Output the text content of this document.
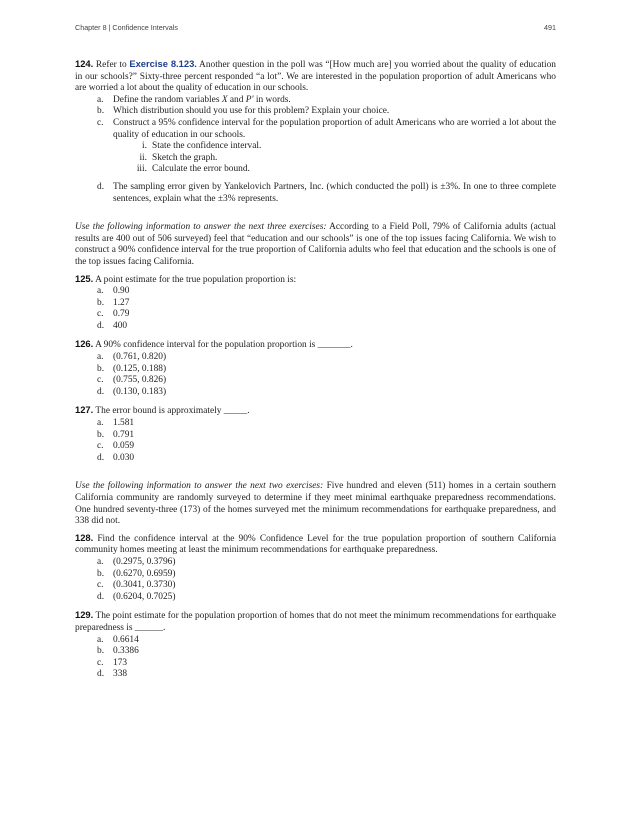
Chapter 8 | Confidence Intervals	491

124. Refer to Exercise 8.123. Another question in the poll was “[How much are] you worried about the quality of education in our schools?” Sixty-three percent responded “a lot”. We are interested in the population proportion of adult Americans who are worried a lot about the quality of education in our schools.

a. Define the random variables X and P' in words.
b. Which distribution should you use for this problem? Explain your choice.
c. Construct a 95% confidence interval for the population proportion of adult Americans who are worried a lot about the quality of education in our schools.
i. State the confidence interval.
ii. Sketch the graph.
iii. Calculate the error bound.
d. The sampling error given by Yankelovich Partners, Inc. (which conducted the poll) is ±3%. In one to three complete sentences, explain what the ±3% represents.

Use the following information to answer the next three exercises: According to a Field Poll, 79% of California adults (actual results are 400 out of 506 surveyed) feel that “education and our schools” is one of the top issues facing California. We wish to construct a 90% confidence interval for the true proportion of California adults who feel that education and the schools is one of the top issues facing California.

125. A point estimate for the true population proportion is:

a. 0.90
b. 1.27
c. 0.79
d. 400

126. A 90% confidence interval for the population proportion is _______.

a. (0.761, 0.820)
b. (0.125, 0.188)
c. (0.755, 0.826)
d. (0.130, 0.183)

127. The error bound is approximately _____.

a. 1.581
b. 0.791
c. 0.059
d. 0.030

Use the following information to answer the next two exercises: Five hundred and eleven (511) homes in a certain southern California community are randomly surveyed to determine if they meet minimal earthquake preparedness recommendations. One hundred seventy-three (173) of the homes surveyed met the minimum recommendations for earthquake preparedness, and 338 did not.

128. Find the confidence interval at the 90% Confidence Level for the true population proportion of southern California community homes meeting at least the minimum recommendations for earthquake preparedness.

a. (0.2975, 0.3796)
b. (0.6270, 0.6959)
c. (0.3041, 0.3730)
d. (0.6204, 0.7025)

129. The point estimate for the population proportion of homes that do not meet the minimum recommendations for earthquake preparedness is ______.

a. 0.6614
b. 0.3386
c. 173
d. 338
